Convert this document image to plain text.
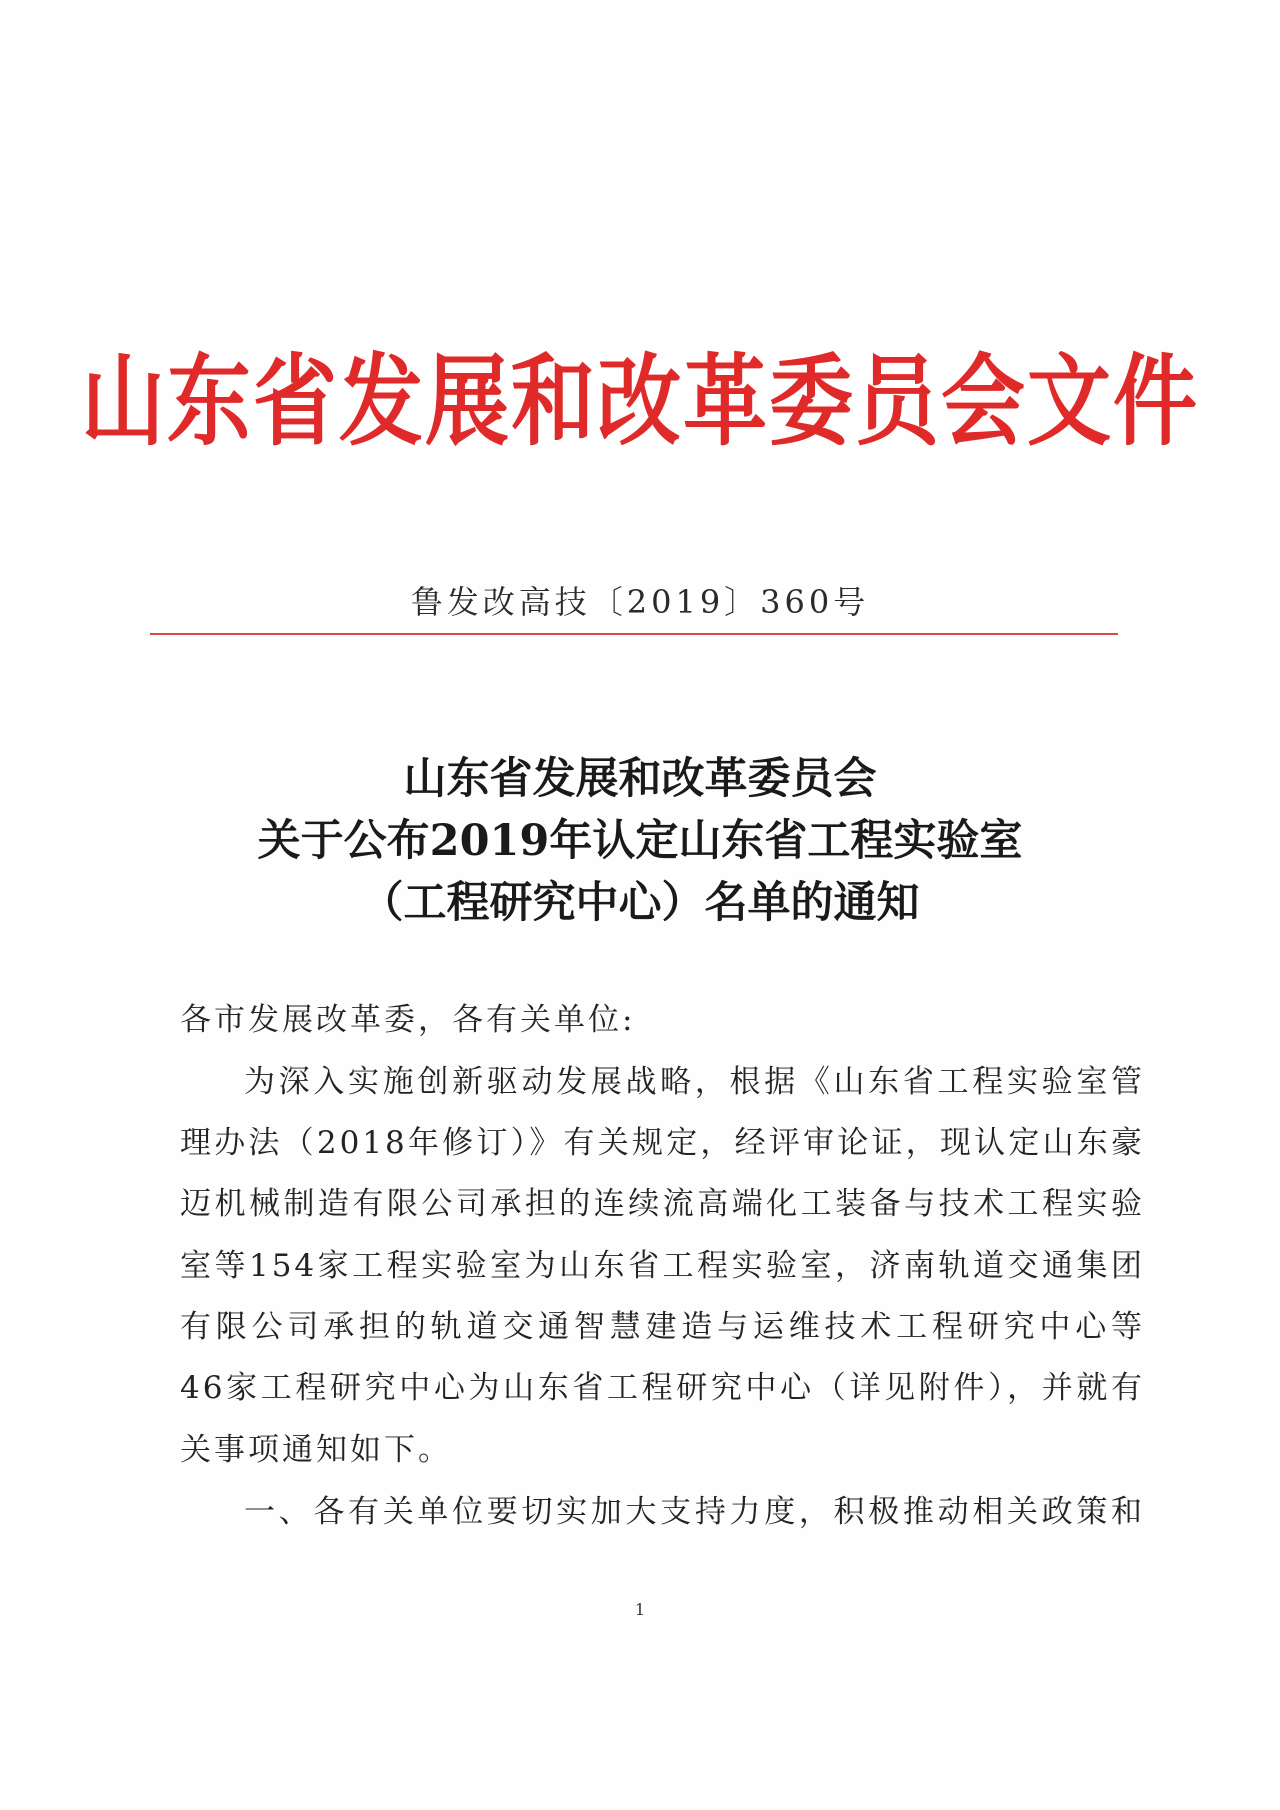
山东省发展和改革委员会文件
鲁发改高技〔2019〕360号
山东省发展和改革委员会
关于公布2019年认定山东省工程实验室
（工程研究中心）名单的通知
各市发展改革委，各有关单位:
为深入实施创新驱动发展战略，根据《山东省工程实验室管
理办法（2018年修订）》有关规定，经评审论证，现认定山东豪
迈机械制造有限公司承担的连续流高端化工装备与技术工程实验
室等154家工程实验室为山东省工程实验室，济南轨道交通集团
有限公司承担的轨道交通智慧建造与运维技术工程研究中心等
46家工程研究中心为山东省工程研究中心（详见附件），并就有
关事项通知如下。
一、各有关单位要切实加大支持力度，积极推动相关政策和
1
